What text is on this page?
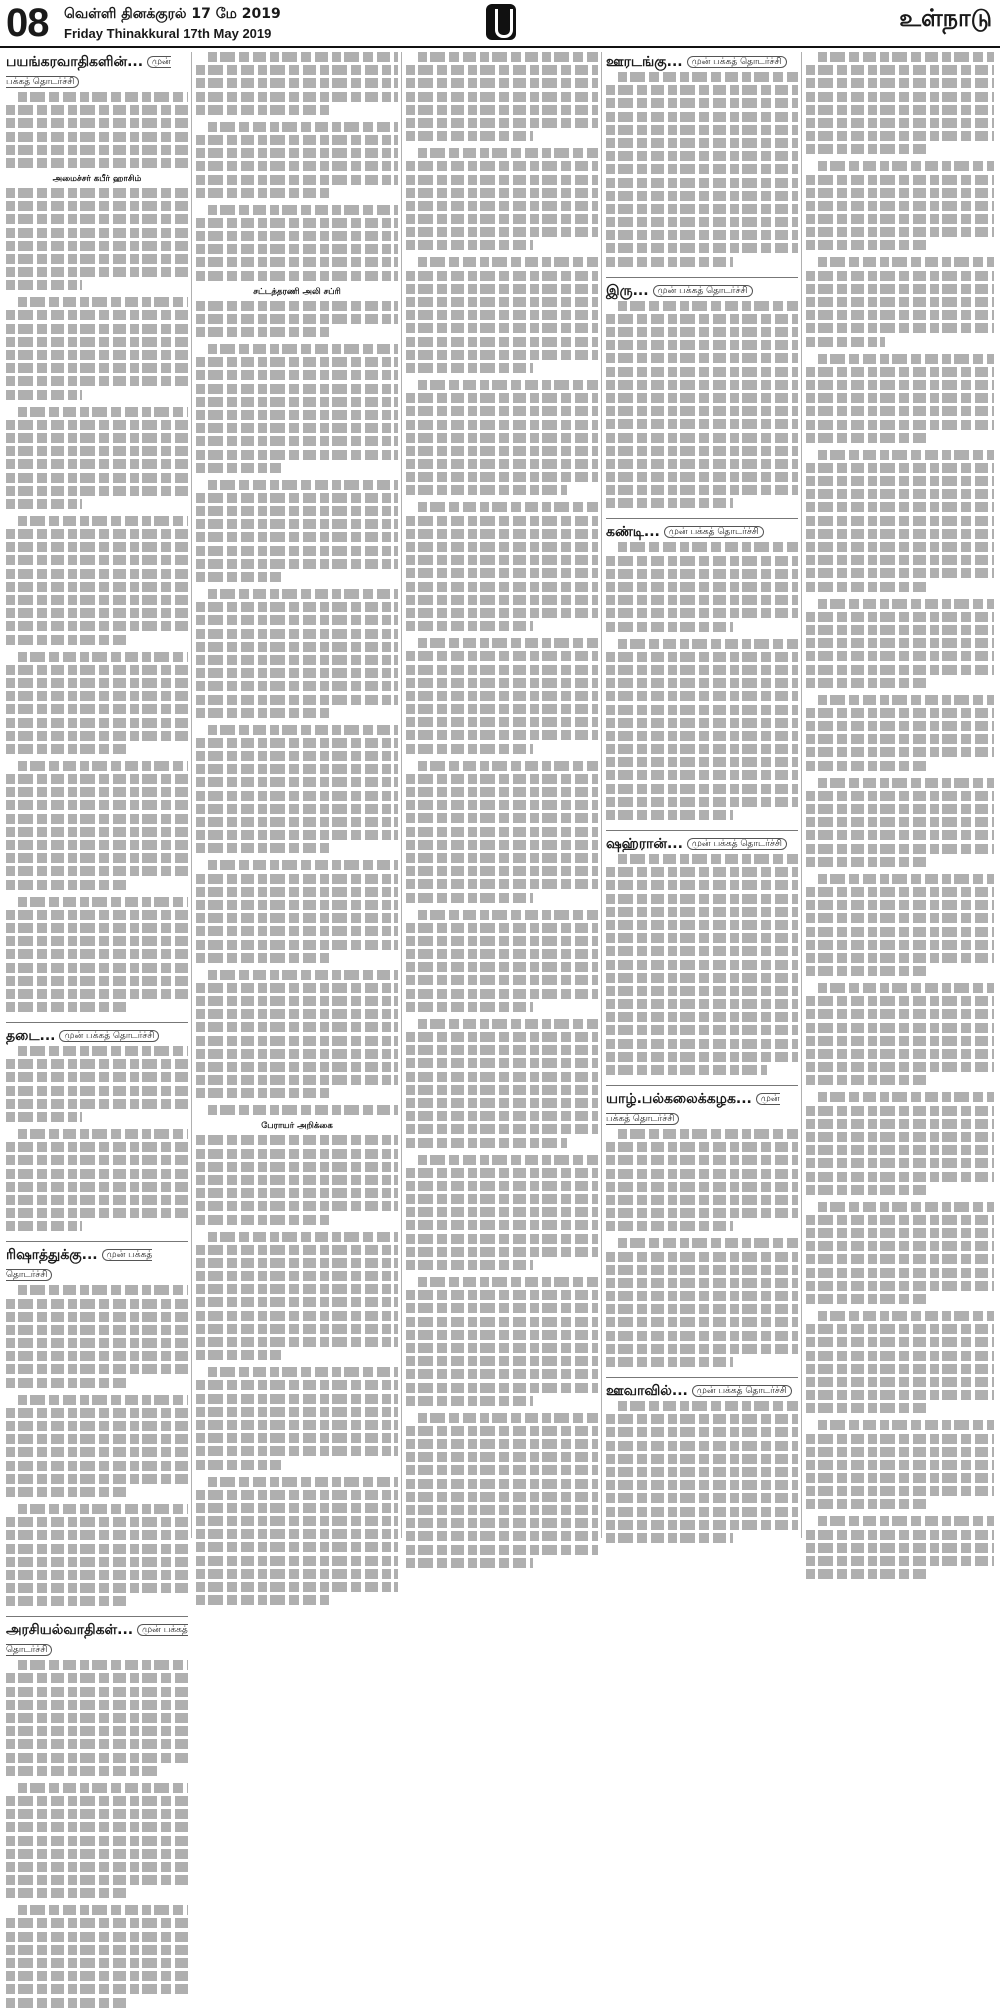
08 வெள்ளி தினக்குரல் 17 மே 2019
Friday Thinakkural 17th May 2019
உள்நாடு
பயங்கரவாதிகளின்... முன் பக்கத் தொடர்ச்சி
அமைச்சர் கபீர் ஹாசிம்
தடை... முன் பக்கத் தொடர்ச்சி
ரிஷாத்துக்கு... முன் பக்கத் தொடர்ச்சி
அரசியல்வாதிகள்... முன் பக்கத் தொடர்ச்சி
சட்டத்தரணி அலி சப்ரி
பேராயர் அறிக்கை
ஊரடங்கு... முன் பக்கத் தொடர்ச்சி
இரு... முன் பக்கத் தொடர்ச்சி
கண்டி... முன் பக்கத் தொடர்ச்சி
ஷஹ்ரான்... முன் பக்கத் தொடர்ச்சி
யாழ்.பல்கலைக்கழக... முன் பக்கத் தொடர்ச்சி
ஊவாவில்... முன் பக்கத் தொடர்ச்சி
